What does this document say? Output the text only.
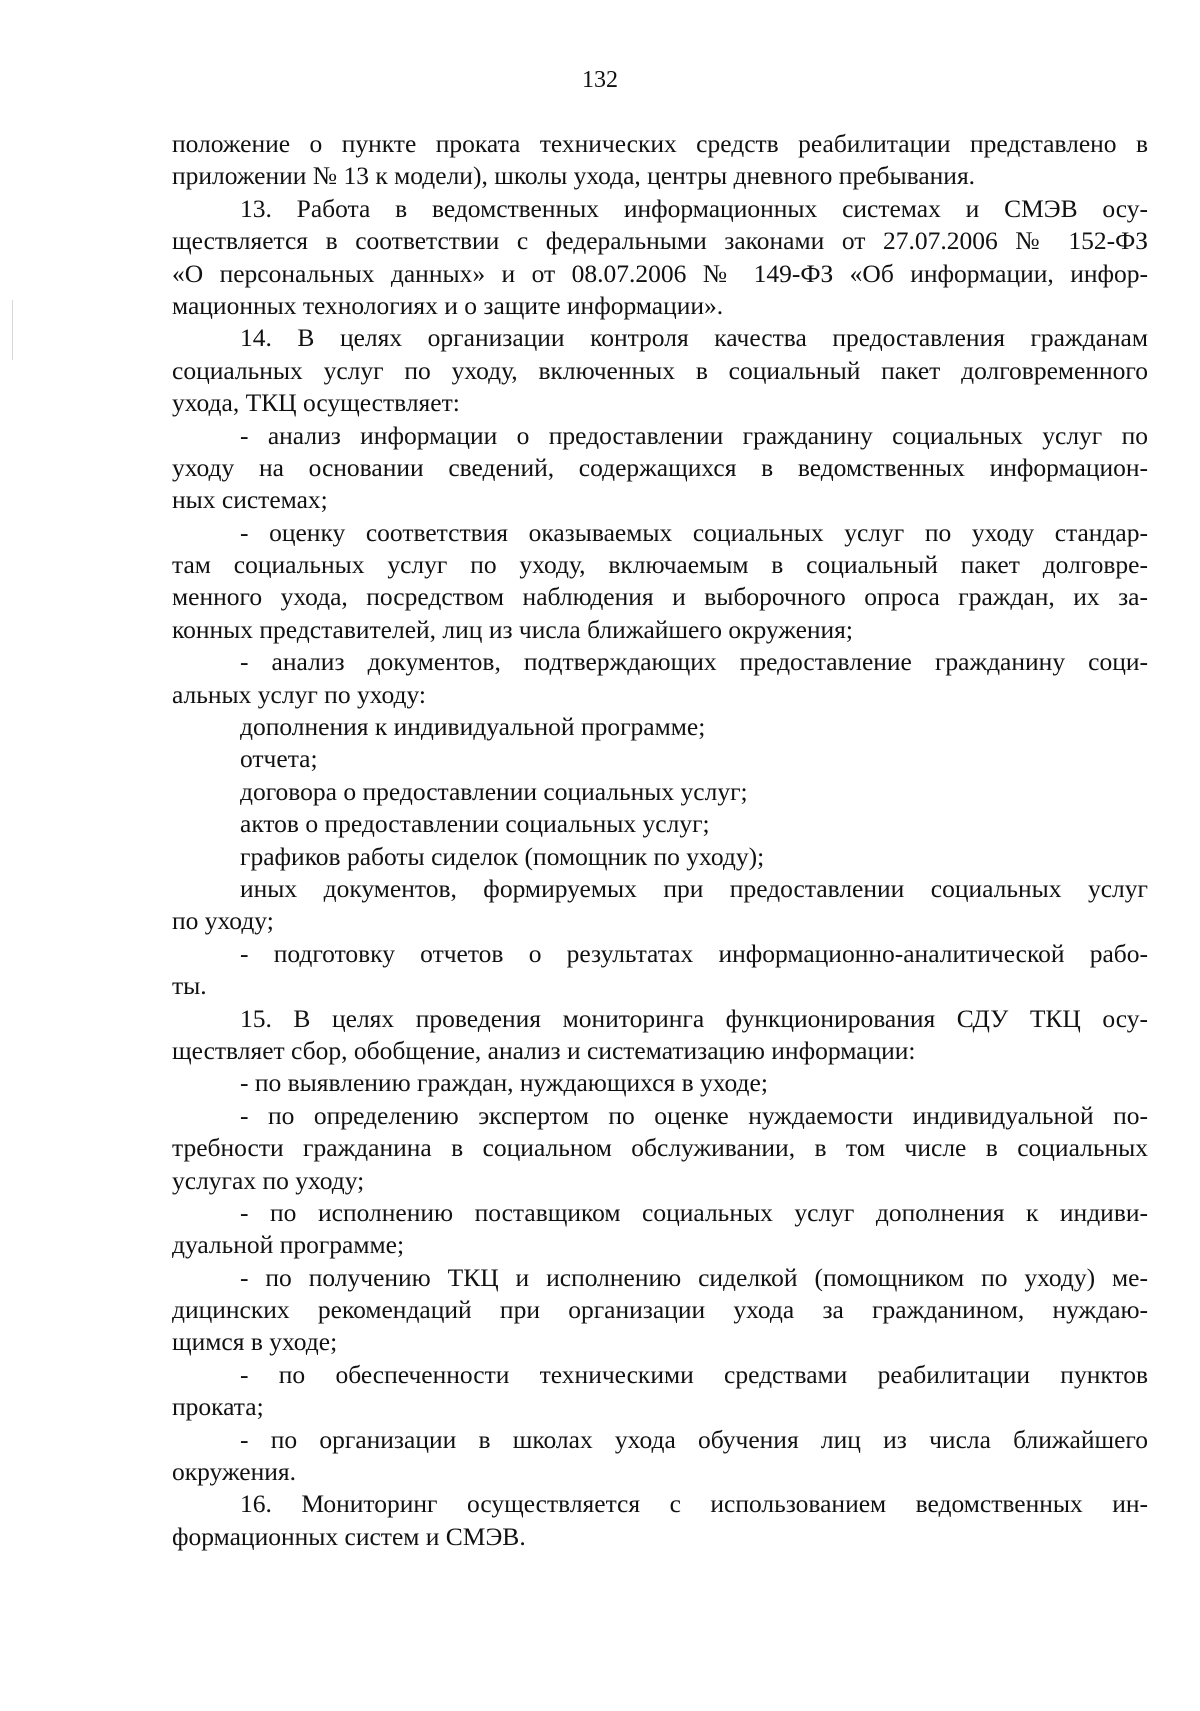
132
положение о пункте проката технических средств реабилитации представлено в
приложении № 13 к модели), школы ухода, центры дневного пребывания.
13. Работа в ведомственных информационных системах и СМЭВ осу-
ществляется в соответствии с федеральными законами от 27.07.2006 № 152-ФЗ
«О персональных данных» и от 08.07.2006 № 149-ФЗ «Об информации, инфор-
мационных технологиях и о защите информации».
14. В целях организации контроля качества предоставления гражданам
социальных услуг по уходу, включенных в социальный пакет долговременного
ухода, ТКЦ осуществляет:
- анализ информации о предоставлении гражданину социальных услуг по
уходу на основании сведений, содержащихся в ведомственных информацион-
ных системах;
- оценку соответствия оказываемых социальных услуг по уходу стандар-
там социальных услуг по уходу, включаемым в социальный пакет долговре-
менного ухода, посредством наблюдения и выборочного опроса граждан, их за-
конных представителей, лиц из числа ближайшего окружения;
- анализ документов, подтверждающих предоставление гражданину соци-
альных услуг по уходу:
дополнения к индивидуальной программе;
отчета;
договора о предоставлении социальных услуг;
актов о предоставлении социальных услуг;
графиков работы сиделок (помощник по уходу);
иных документов, формируемых при предоставлении социальных услуг
по уходу;
- подготовку отчетов о результатах информационно-аналитической рабо-
ты.
15. В целях проведения мониторинга функционирования СДУ ТКЦ осу-
ществляет сбор, обобщение, анализ и систематизацию информации:
- по выявлению граждан, нуждающихся в уходе;
- по определению экспертом по оценке нуждаемости индивидуальной по-
требности гражданина в социальном обслуживании, в том числе в социальных
услугах по уходу;
- по исполнению поставщиком социальных услуг дополнения к индиви-
дуальной программе;
- по получению ТКЦ и исполнению сиделкой (помощником по уходу) ме-
дицинских рекомендаций при организации ухода за гражданином, нуждаю-
щимся в уходе;
- по обеспеченности техническими средствами реабилитации пунктов
проката;
- по организации в школах ухода обучения лиц из числа ближайшего
окружения.
16. Мониторинг осуществляется с использованием ведомственных ин-
формационных систем и СМЭВ.
